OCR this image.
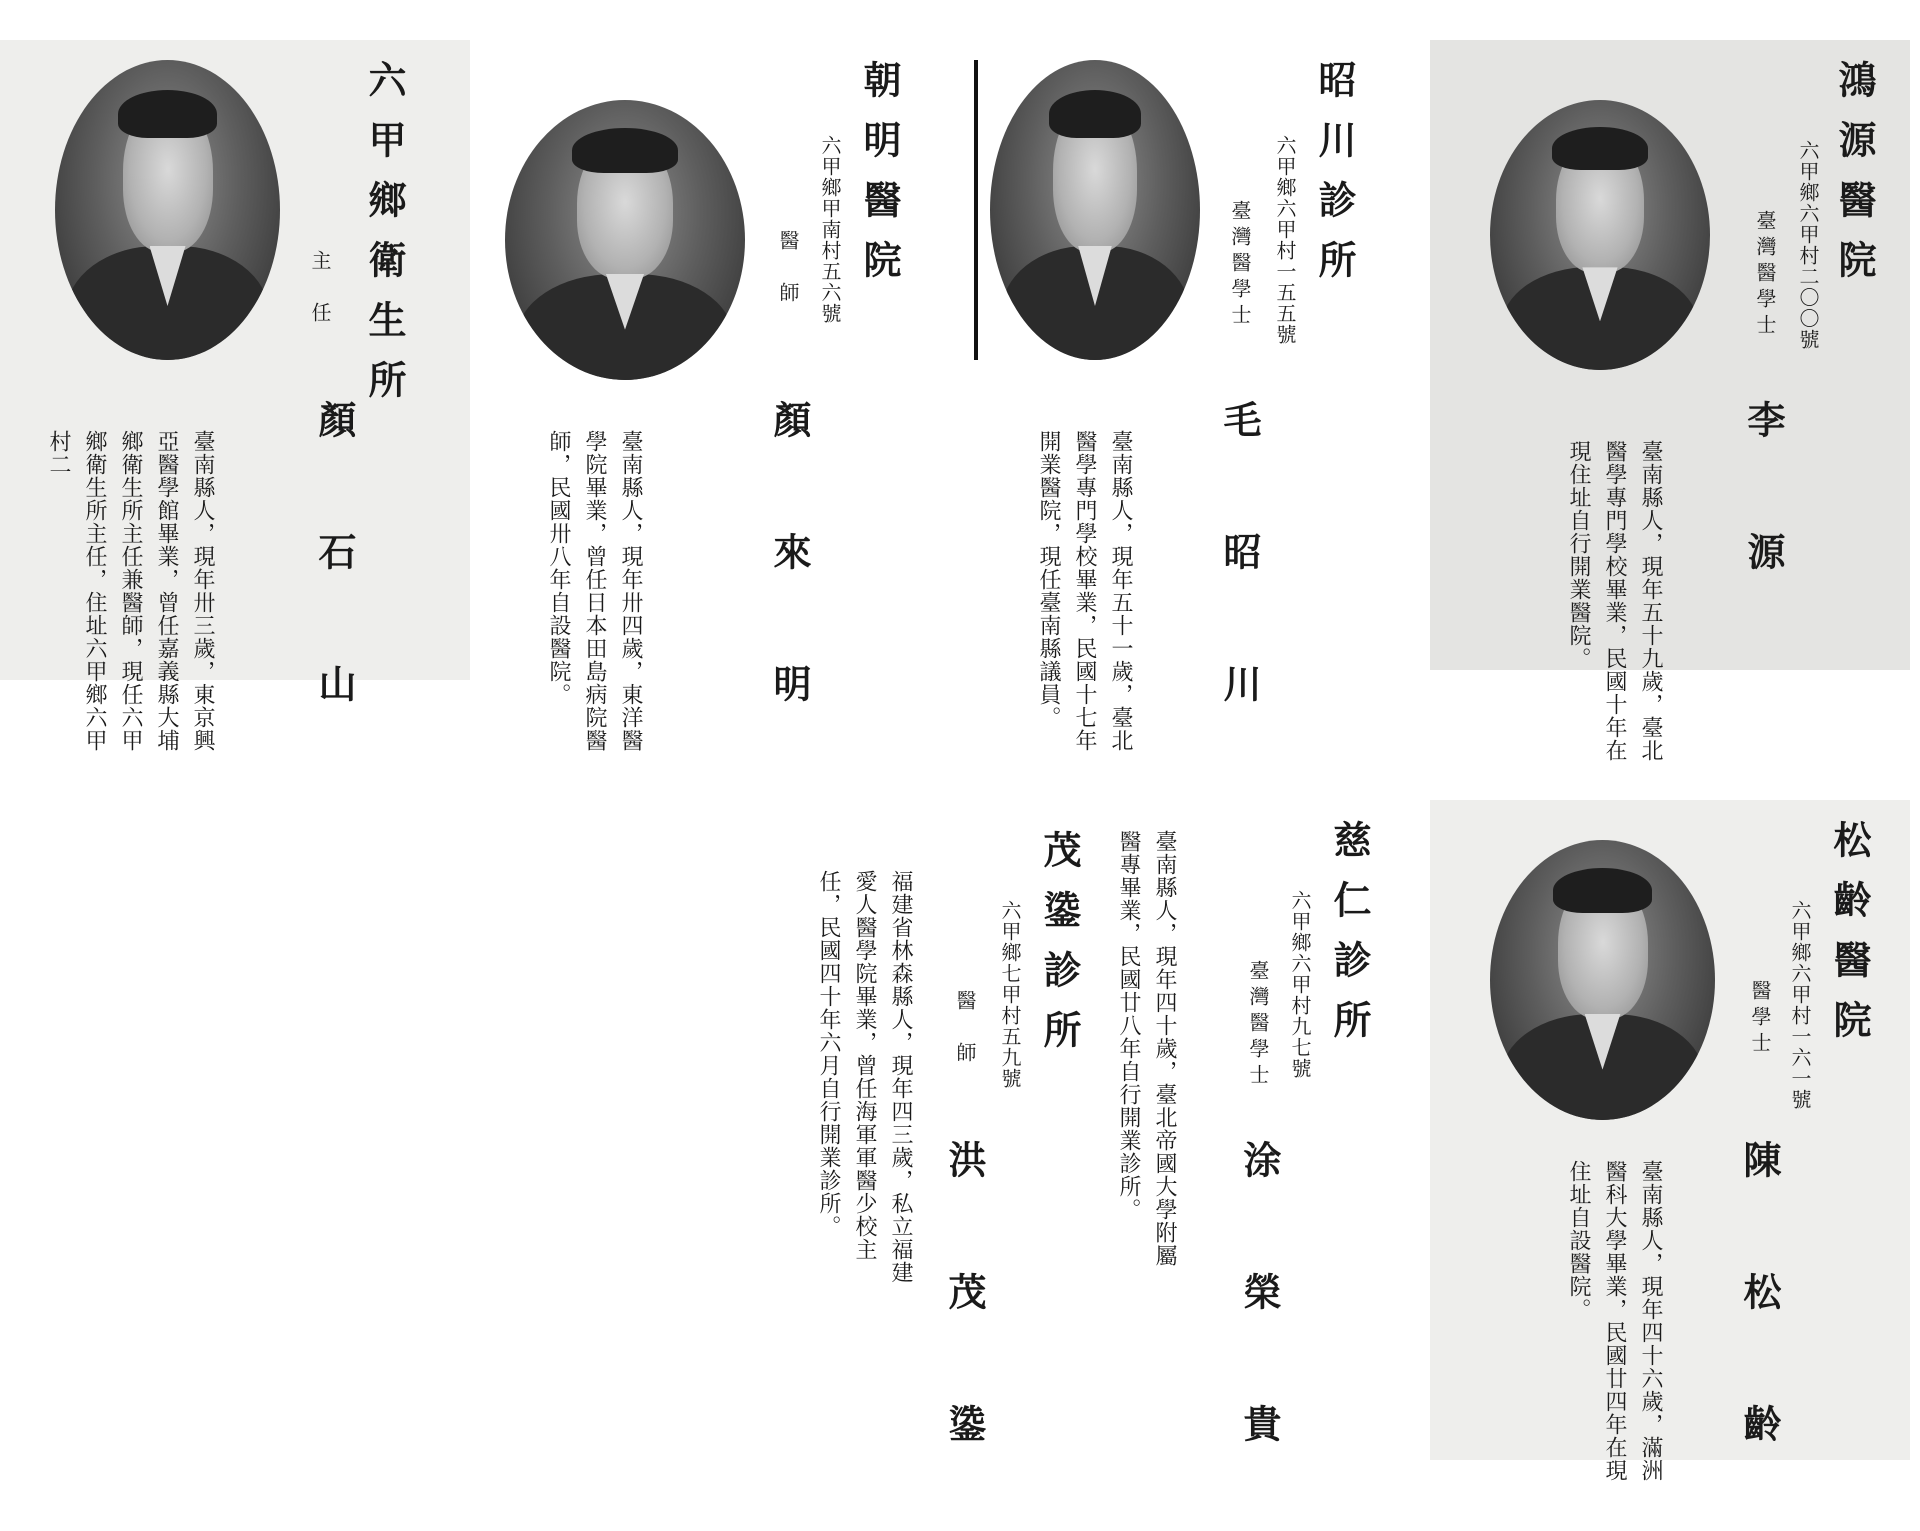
鴻源醫院
六甲鄉六甲村二〇〇號
臺灣醫學士
李　源
臺南縣人，現年五十九歲，臺北醫學專門學校畢業，民國十年在現住址自行開業醫院。
昭川診所
六甲鄉六甲村一五五號
臺灣醫學士
毛　昭　川
臺南縣人，現年五十一歲，臺北醫學專門學校畢業，民國十七年開業醫院，現任臺南縣議員。
朝明醫院
六甲鄉甲南村五六號
醫　師
顏　來　明
臺南縣人，現年卅四歲，東洋醫學院畢業，曾任日本田島病院醫師，民國卅八年自設醫院。
六甲鄉衛生所
主　任
顏　石　山
臺南縣人，現年卅三歲，東京興亞醫學館畢業，曾任嘉義縣大埔鄉衛生所主任兼醫師，現任六甲鄉衛生所主任，住址六甲鄉六甲村二
松齡醫院
六甲鄉六甲村一六一號
醫學士
陳　松　齡
臺南縣人，現年四十六歲，滿洲醫科大學畢業，民國廿四年在現住址自設醫院。
慈仁診所
六甲鄉六甲村九七號
臺灣醫學士
涂　榮　貴
臺南縣人，現年四十歲，臺北帝國大學附屬醫專畢業，民國廿八年自行開業診所。
茂鍌診所
六甲鄉七甲村五九號
醫　師
洪　茂　鍌
福建省林森縣人，現年四三歲，私立福建愛人醫學院畢業，曾任海軍軍醫少校主任，民國四十年六月自行開業診所。
